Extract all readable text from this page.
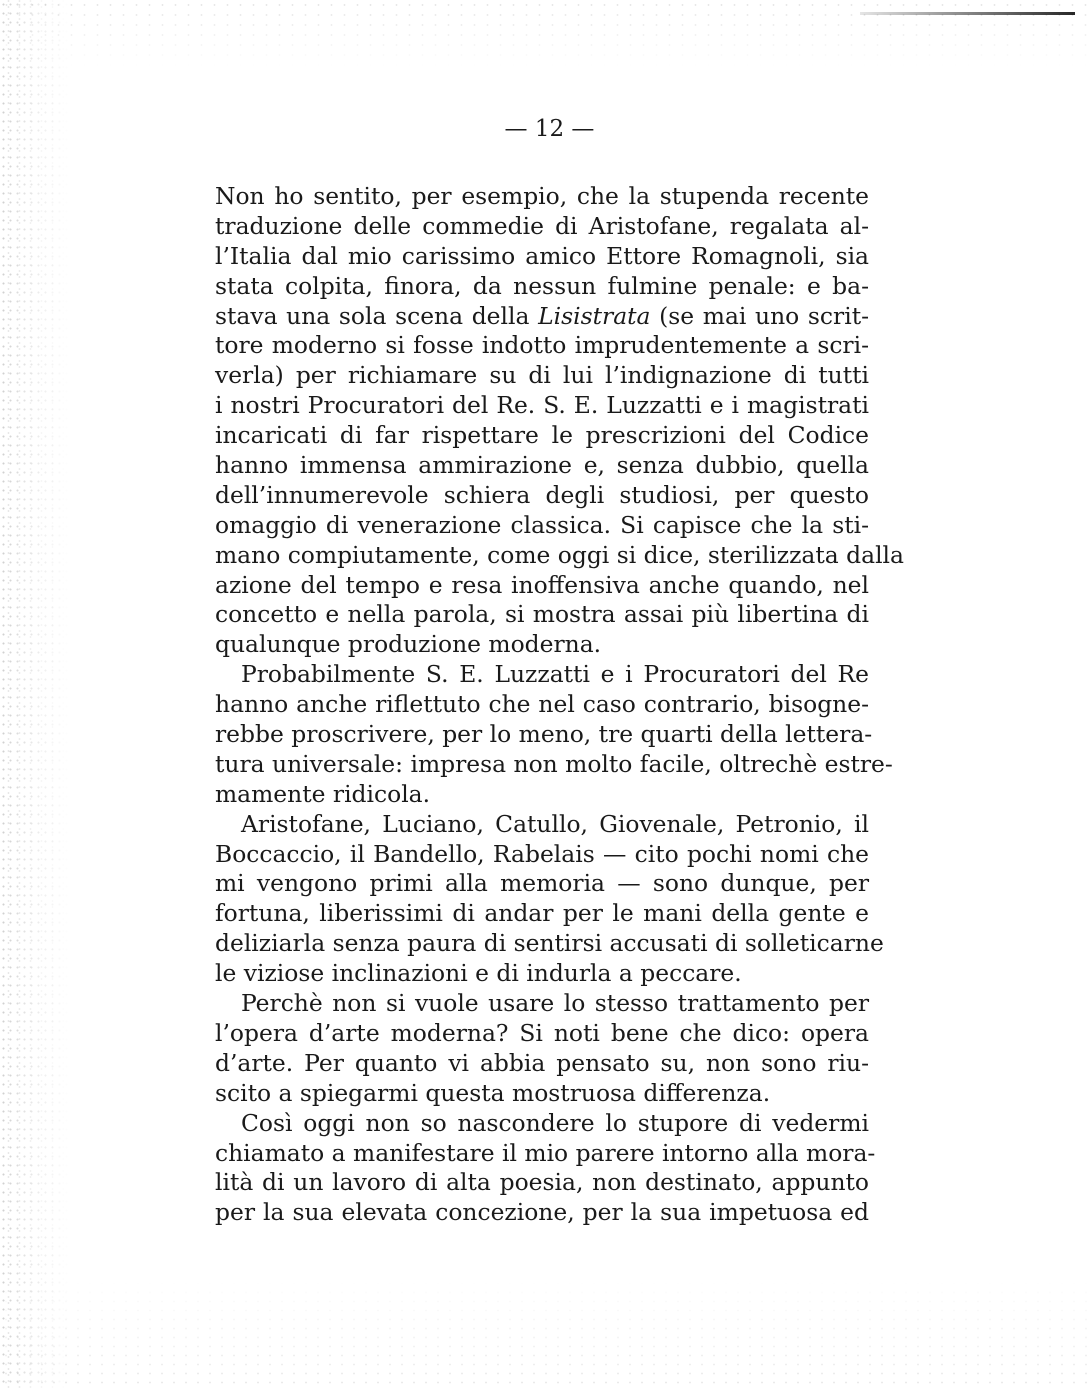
— 12 —
Non ho sentito, per esempio, che la stupenda recente
traduzione delle commedie di Aristofane, regalata al-
l’Italia dal mio carissimo amico Ettore Romagnoli, sia
stata colpita, finora, da nessun fulmine penale: e ba-
stava una sola scena della Lisistrata (se mai uno scrit-
tore moderno si fosse indotto imprudentemente a scri-
verla) per richiamare su di lui l’indignazione di tutti
i nostri Procuratori del Re. S. E. Luzzatti e i magistrati
incaricati di far rispettare le prescrizioni del Codice
hanno immensa ammirazione e, senza dubbio, quella
dell’innumerevole schiera degli studiosi, per questo
omaggio di venerazione classica. Si capisce che la sti-
mano compiutamente, come oggi si dice, sterilizzata dalla
azione del tempo e resa inoffensiva anche quando, nel
concetto e nella parola, si mostra assai più libertina di
qualunque produzione moderna.
Probabilmente S. E. Luzzatti e i Procuratori del Re
hanno anche riflettuto che nel caso contrario, bisogne-
rebbe proscrivere, per lo meno, tre quarti della lettera-
tura universale: impresa non molto facile, oltrechè estre-
mamente ridicola.
Aristofane, Luciano, Catullo, Giovenale, Petronio, il
Boccaccio, il Bandello, Rabelais — cito pochi nomi che
mi vengono primi alla memoria — sono dunque, per
fortuna, liberissimi di andar per le mani della gente e
deliziarla senza paura di sentirsi accusati di solleticarne
le viziose inclinazioni e di indurla a peccare.
Perchè non si vuole usare lo stesso trattamento per
l’opera d’arte moderna? Si noti bene che dico: opera
d’arte. Per quanto vi abbia pensato su, non sono riu-
scito a spiegarmi questa mostruosa differenza.
Così oggi non so nascondere lo stupore di vedermi
chiamato a manifestare il mio parere intorno alla mora-
lità di un lavoro di alta poesia, non destinato, appunto
per la sua elevata concezione, per la sua impetuosa ed
